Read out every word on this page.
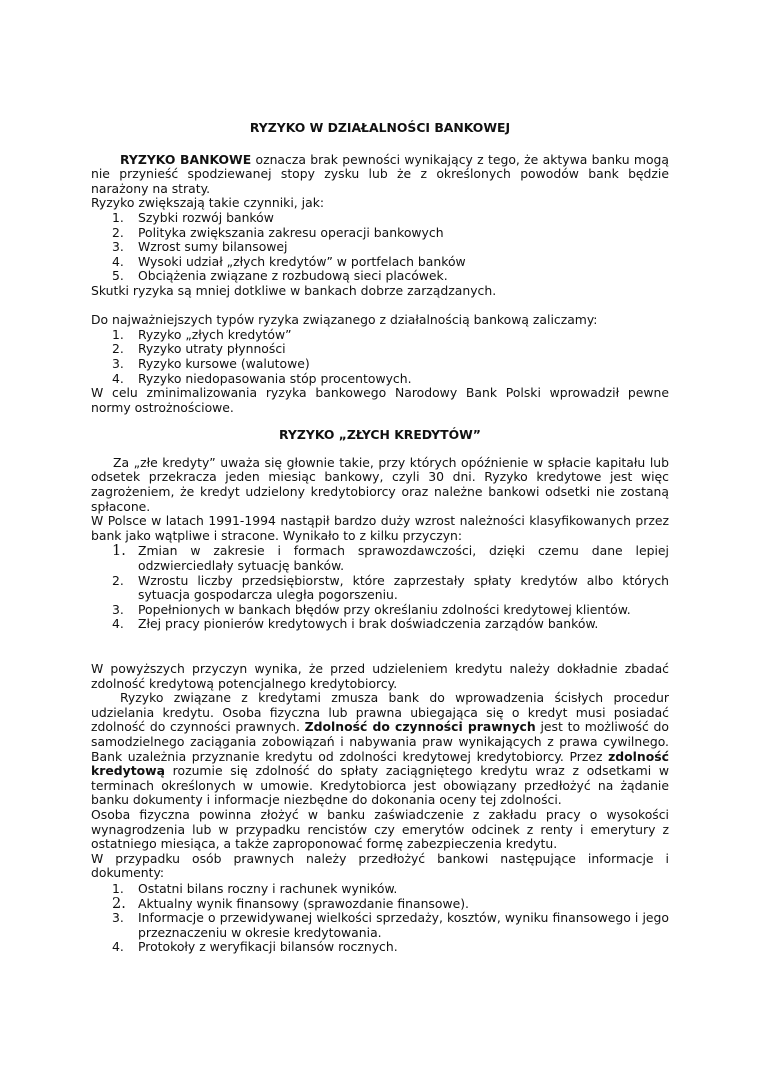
RYZYKO W DZIAŁALNOŚCI BANKOWEJ

RYZYKO BANKOWE oznacza brak pewności wynikający z tego, że aktywa banku mogą nie przynieść spodziewanej stopy zysku lub że z określonych powodów bank będzie narażony na straty.

Ryzyko zwiększają takie czynniki, jak:

1. Szybki rozwój banków
2. Polityka zwiększania zakresu operacji bankowych
3. Wzrost sumy bilansowej
4. Wysoki udział „złych kredytów” w portfelach banków
5. Obciążenia związane z rozbudową sieci placówek.

Skutki ryzyka są mniej dotkliwe w bankach dobrze zarządzanych.

Do najważniejszych typów ryzyka związanego z działalnością bankową zaliczamy:

1. Ryzyko „złych kredytów”
2. Ryzyko utraty płynności
3. Ryzyko kursowe (walutowe)
4. Ryzyko niedopasowania stóp procentowych.

W celu zminimalizowania ryzyka bankowego Narodowy Bank Polski wprowadził pewne normy ostrożnościowe.

RYZYKO „ZŁYCH KREDYTÓW”

Za „złe kredyty” uważa się głownie takie, przy których opóźnienie w spłacie kapitału lub odsetek przekracza jeden miesiąc bankowy, czyli 30 dni. Ryzyko kredytowe jest więc zagrożeniem, że kredyt udzielony kredytobiorcy oraz należne bankowi odsetki nie zostaną spłacone.

W Polsce w latach 1991-1994 nastąpił bardzo duży wzrost należności klasyfikowanych przez bank jako wątpliwe i stracone. Wynikało to z kilku przyczyn:

1. Zmian w zakresie i formach sprawozdawczości, dzięki czemu dane lepiej odzwierciedlały sytuację banków.
2. Wzrostu liczby przedsiębiorstw, które zaprzestały spłaty kredytów albo których sytuacja gospodarcza uległa pogorszeniu.
3. Popełnionych w bankach błędów przy określaniu zdolności kredytowej klientów.
4. Złej pracy pionierów kredytowych i brak doświadczenia zarządów banków.

W powyższych przyczyn wynika, że przed udzieleniem kredytu należy dokładnie zbadać zdolność kredytową potencjalnego kredytobiorcy.

Ryzyko związane z kredytami zmusza bank do wprowadzenia ścisłych procedur udzielania kredytu. Osoba fizyczna lub prawna ubiegająca się o kredyt musi posiadać zdolność do czynności prawnych. Zdolność do czynności prawnych jest to możliwość do samodzielnego zaciągania zobowiązań i nabywania praw wynikających z prawa cywilnego. Bank uzależnia przyznanie kredytu od zdolności kredytowej kredytobiorcy. Przez zdolność kredytową rozumie się zdolność do spłaty zaciągniętego kredytu wraz z odsetkami w terminach określonych w umowie. Kredytobiorca jest obowiązany przedłożyć na żądanie banku dokumenty i informacje niezbędne do dokonania oceny tej zdolności.

Osoba fizyczna powinna złożyć w banku zaświadczenie z zakładu pracy o wysokości wynagrodzenia lub w przypadku rencistów czy emerytów odcinek z renty i emerytury z ostatniego miesiąca, a także zaproponować formę zabezpieczenia kredytu.

W przypadku osób prawnych należy przedłożyć bankowi następujące informacje i dokumenty:

1. Ostatni bilans roczny i rachunek wyników.
2. Aktualny wynik finansowy (sprawozdanie finansowe).
3. Informacje o przewidywanej wielkości sprzedaży, kosztów, wyniku finansowego i jego przeznaczeniu w okresie kredytowania.
4. Protokoły z weryfikacji bilansów rocznych.
